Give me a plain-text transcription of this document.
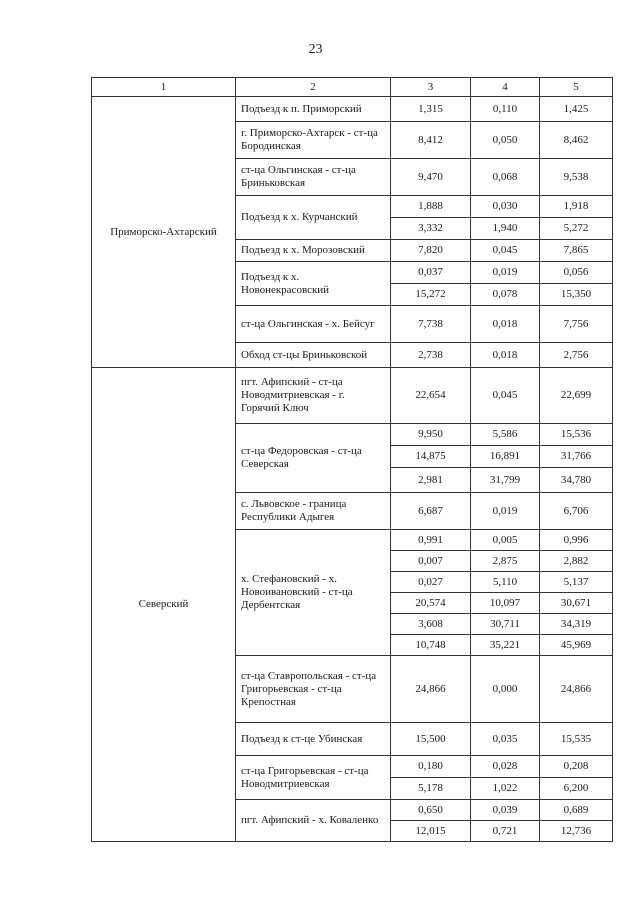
23
1	2	3	4	5
Приморско-Ахтарский	Подъезд к п. Приморский	1,315	0,110	1,425
	г. Приморско-Ахтарск - ст-ца Бородинская	8,412	0,050	8,462
	ст-ца Ольгинская - ст-ца Бриньковская	9,470	0,068	9,538
	Подъезд к х. Курчанский	1,888	0,030	1,918
		3,332	1,940	5,272
	Подъезд к х. Морозовский	7,820	0,045	7,865
	Подъезд к х. Новонекрасовский	0,037	0,019	0,056
		15,272	0,078	15,350
	ст-ца Ольгинская - х. Бейсуг	7,738	0,018	7,756
	Обход ст-цы Бриньковской	2,738	0,018	2,756
Северский	пгт. Афипский - ст-ца Новодмитриевская - г. Горячий Ключ	22,654	0,045	22,699
	ст-ца Федоровская - ст-ца Северская	9,950	5,586	15,536
		14,875	16,891	31,766
		2,981	31,799	34,780
	с. Львовское - граница Республики Адыгея	6,687	0,019	6,706
	х. Стефановский - х. Новоивановский - ст-ца Дербентская	0,991	0,005	0,996
		0,007	2,875	2,882
		0,027	5,110	5,137
		20,574	10,097	30,671
		3,608	30,711	34,319
		10,748	35,221	45,969
	ст-ца Ставропольская - ст-ца Григорьевская - ст-ца Крепостная	24,866	0,000	24,866
	Подъезд к ст-це Убинская	15,500	0,035	15,535
	ст-ца Григорьевская - ст-ца Новодмитриевская	0,180	0,028	0,208
		5,178	1,022	6,200
	пгт. Афипский - х. Коваленко	0,650	0,039	0,689
		12,015	0,721	12,736
